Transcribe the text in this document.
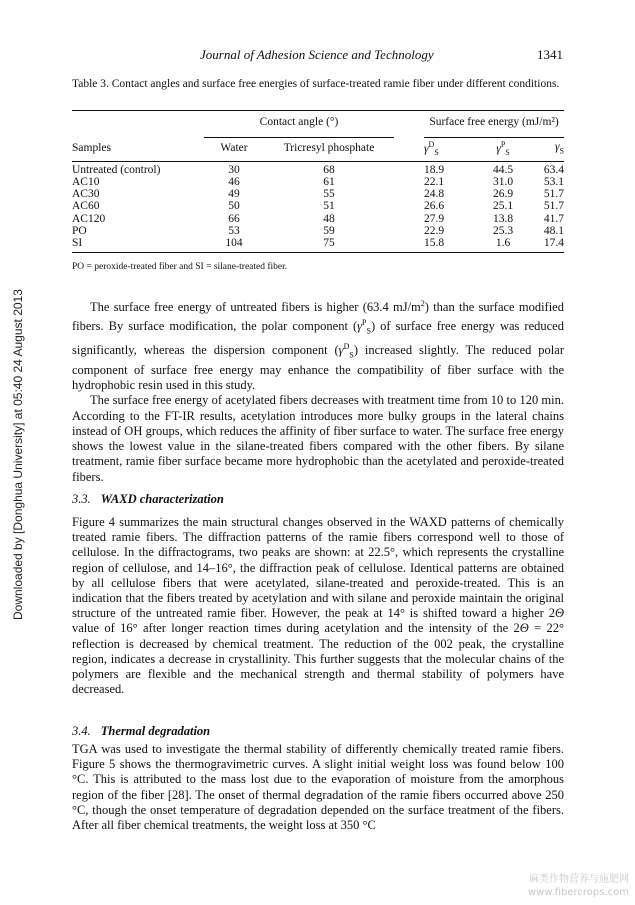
Journal of Adhesion Science and Technology	1341
Downloaded by [Donghua University] at 05:40 24 August 2013
Table 3. Contact angles and surface free energies of surface-treated ramie fiber under different conditions.
	Contact angle (°)			Surface free energy (mJ/m²)		
Samples	Water	Tricresyl phosphate		$\gamma^D_S$	$\gamma^P_S$	$\gamma_S$

Untreated (control)	30	68		18.9	44.5	63.4
AC10	46	61		22.1	31.0	53.1
AC30	49	55		24.8	26.9	51.7
AC60	50	51		26.6	25.1	51.7
AC120	66	48		27.9	13.8	41.7
PO	53	59		22.9	25.3	48.1
SI	104	75		15.8	1.6	17.4
PO = peroxide-treated fiber and SI = silane-treated fiber.

The surface free energy of untreated fibers is higher (63.4 $mJ/m^2$) than the surface modified fibers. By surface modification, the polar component $(\gamma^P_S)$ of surface free energy was reduced significantly, whereas the dispersion component $(\gamma^D_S)$ increased slightly. The reduced polar component of surface free energy may enhance the compatibility of fiber surface with the hydrophobic resin used in this study.

The surface free energy of acetylated fibers decreases with treatment time from 10 to 120 min. According to the FT-IR results, acetylation introduces more bulky groups in the lateral chains instead of OH groups, which reduces the affinity of fiber surface to water. The surface free energy shows the lowest value in the silane-treated fibers compared with the other fibers. By silane treatment, ramie fiber surface became more hydrophobic than the acetylated and peroxide-treated fibers.

3.3. WAXD characterization

Figure 4 summarizes the main structural changes observed in the WAXD patterns of chemically treated ramie fibers. The diffraction patterns of the ramie fibers correspond well to those of cellulose. In the diffractograms, two peaks are shown: at 22.5°, which represents the crystalline region of cellulose, and 14–16°, the diffraction peak of cellulose. Identical patterns are obtained by all cellulose fibers that were acetylated, silane-treated and peroxide-treated. This is an indication that the fibers treated by acetylation and with silane and peroxide maintain the original structure of the untreated ramie fiber. However, the peak at 14° is shifted toward a higher 2Θ value of 16° after longer reaction times during acetylation and the intensity of the 2Θ = 22° reflection is decreased by chemical treatment. The reduction of the 002 peak, the crystalline region, indicates a decrease in crystallinity. This further suggests that the molecular chains of the polymers are flexible and the mechanical strength and thermal stability of polymers have decreased.

3.4. Thermal degradation

TGA was used to investigate the thermal stability of differently chemically treated ramie fibers. Figure 5 shows the thermogravimetric curves. A slight initial weight loss was found below 100 °C. This is attributed to the mass lost due to the evaporation of moisture from the amorphous region of the fiber [28]. The onset of thermal degradation of the ramie fibers occurred above 250 °C, though the onset temperature of degradation depended on the surface treatment of the fibers. After all fiber chemical treatments, the weight loss at 350 °C

麻类作物营养与施肥网
www.fibercrops.com
